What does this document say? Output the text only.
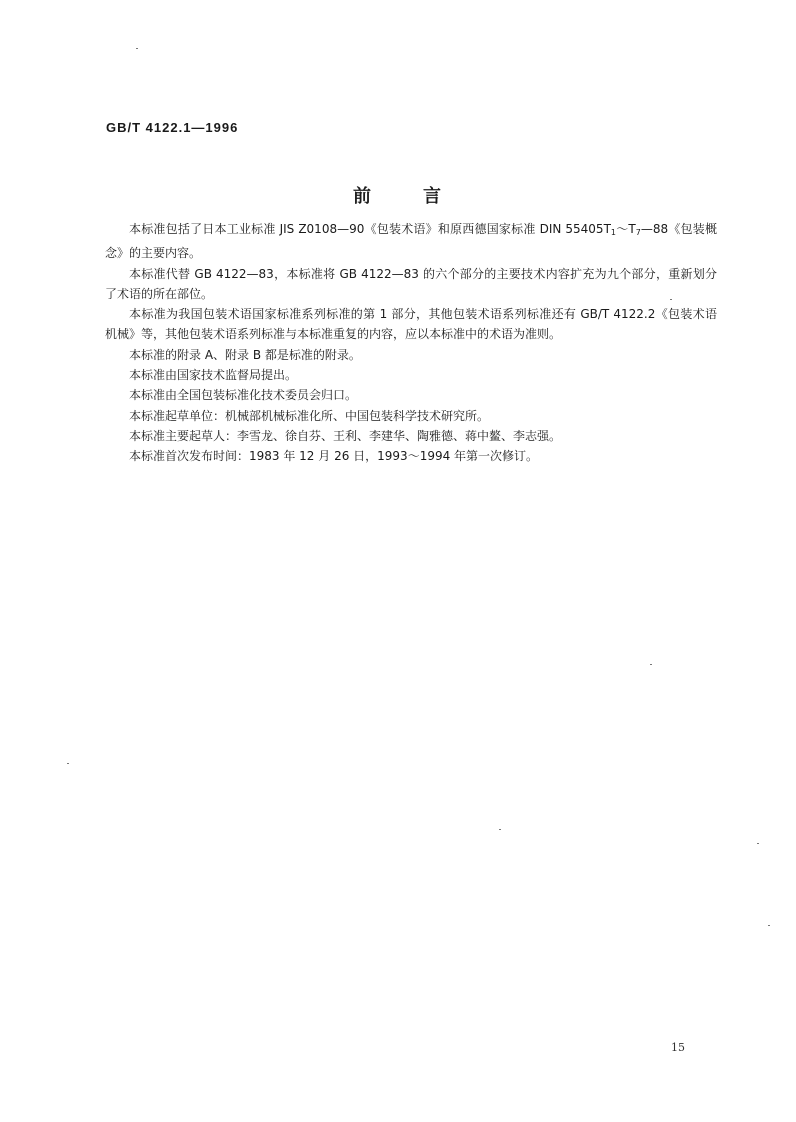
GB/T 4122.1—1996
前	言

本标准包括了日本工业标准 JIS Z0108—90《包装术语》和原西德国家标准 DIN $55405T_1\sim T_7—88$《包装概念》的主要内容。

本标准代替 GB 4122—83，本标准将 GB 4122—83 的六个部分的主要技术内容扩充为九个部分，重新划分了术语的所在部位。

本标准为我国包装术语国家标准系列标准的第 1 部分，其他包装术语系列标准还有 GB/T 4122.2《包装术语　机械》等，其他包装术语系列标准与本标准重复的内容，应以本标准中的术语为准则。

本标准的附录 A、附录 B 都是标准的附录。

本标准由国家技术监督局提出。

本标准由全国包装标准化技术委员会归口。

本标准起草单位：机械部机械标准化所、中国包装科学技术研究所。

本标准主要起草人：李雪龙、徐自芬、王利、李建华、陶雅德、蒋中鳌、李志强。

本标准首次发布时间：1983 年 12 月 26 日，1993～1994 年第一次修订。

15
